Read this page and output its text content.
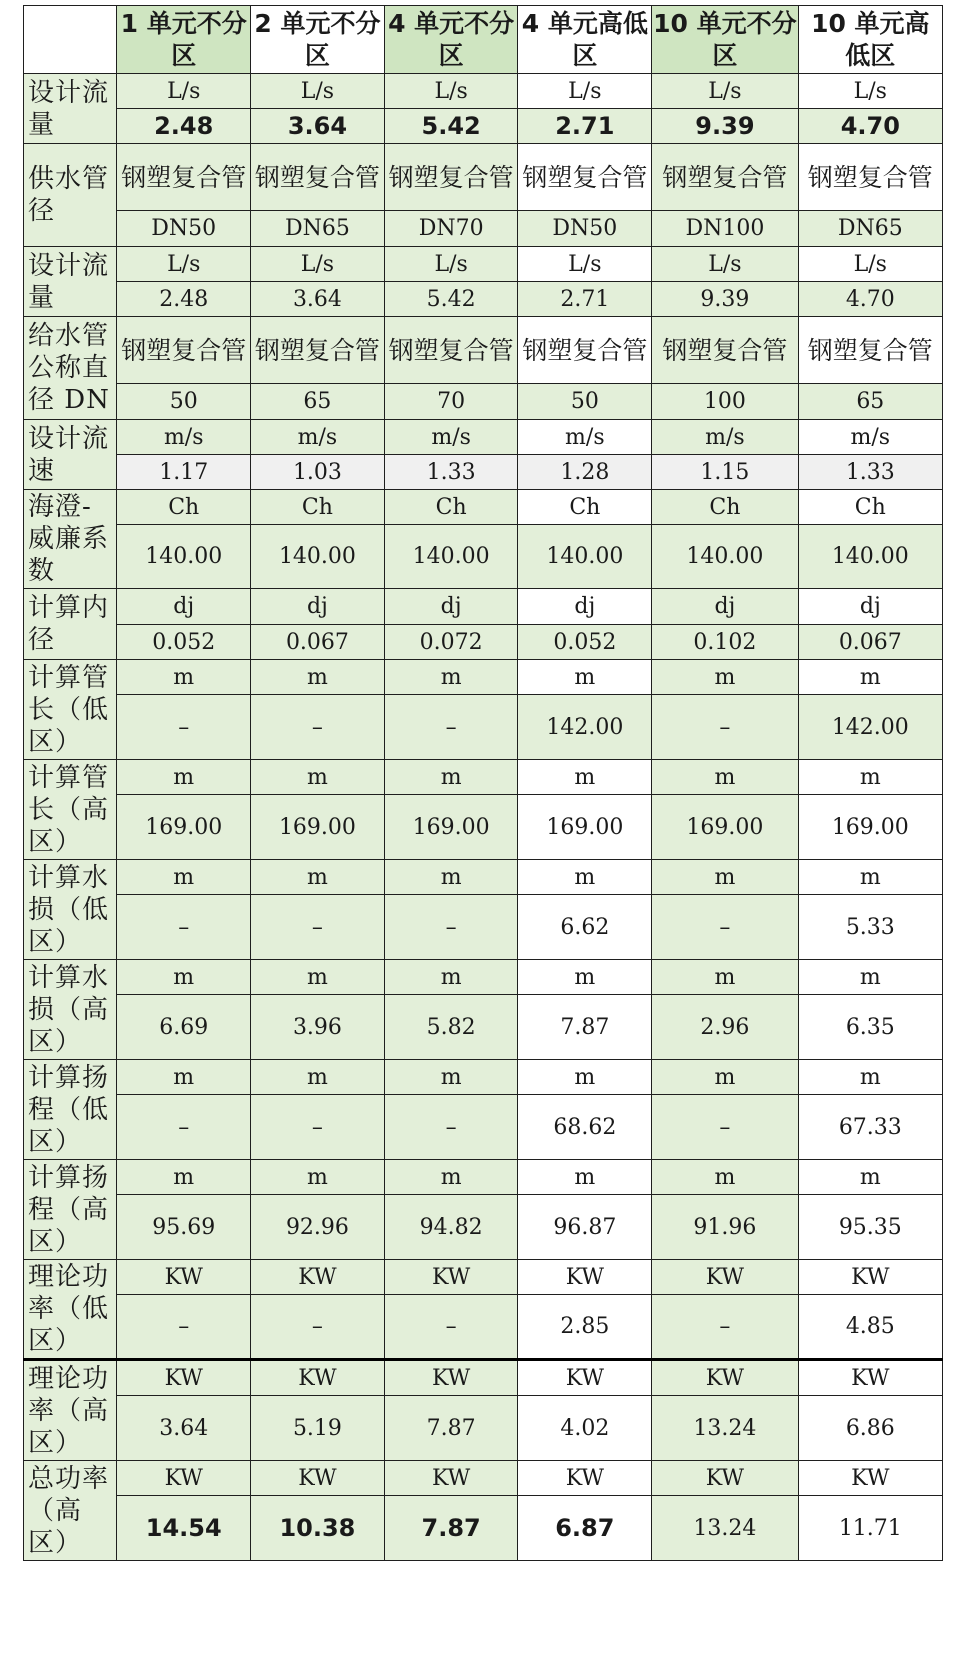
	1 单元不分区	2 单元不分区	4 单元不分区	4 单元高低区	10 单元不分区	10 单元高低区
设计流量	L/s	L/s	L/s	L/s	L/s	L/s
	2.48	3.64	5.42	2.71	9.39	4.70
供水管径	钢塑复合管	钢塑复合管	钢塑复合管	钢塑复合管	钢塑复合管	钢塑复合管
	DN50	DN65	DN70	DN50	DN100	DN65
设计流量	L/s	L/s	L/s	L/s	L/s	L/s
	2.48	3.64	5.42	2.71	9.39	4.70
给水管公称直径 DN	钢塑复合管	钢塑复合管	钢塑复合管	钢塑复合管	钢塑复合管	钢塑复合管
	50	65	70	50	100	65
设计流速	m/s	m/s	m/s	m/s	m/s	m/s
	1.17	1.03	1.33	1.28	1.15	1.33
海澄-威廉系数	Ch	Ch	Ch	Ch	Ch	Ch
	140.00	140.00	140.00	140.00	140.00	140.00
计算内径	dj	dj	dj	dj	dj	dj
	0.052	0.067	0.072	0.052	0.102	0.067
计算管长（低区）	m	m	m	m	m	m
	–	–	–	142.00	–	142.00
计算管长（高区）	m	m	m	m	m	m
	169.00	169.00	169.00	169.00	169.00	169.00
计算水损（低区）	m	m	m	m	m	m
	–	–	–	6.62	–	5.33
计算水损（高区）	m	m	m	m	m	m
	6.69	3.96	5.82	7.87	2.96	6.35
计算扬程（低区）	m	m	m	m	m	m
	–	–	–	68.62	–	67.33
计算扬程（高区）	m	m	m	m	m	m
	95.69	92.96	94.82	96.87	91.96	95.35
理论功率（低区）	KW	KW	KW	KW	KW	KW
	–	–	–	2.85	–	4.85
理论功率（高区）	KW	KW	KW	KW	KW	KW
	3.64	5.19	7.87	4.02	13.24	6.86
总功率（高区）	KW	KW	KW	KW	KW	KW
	14.54	10.38	7.87	6.87	13.24	11.71
